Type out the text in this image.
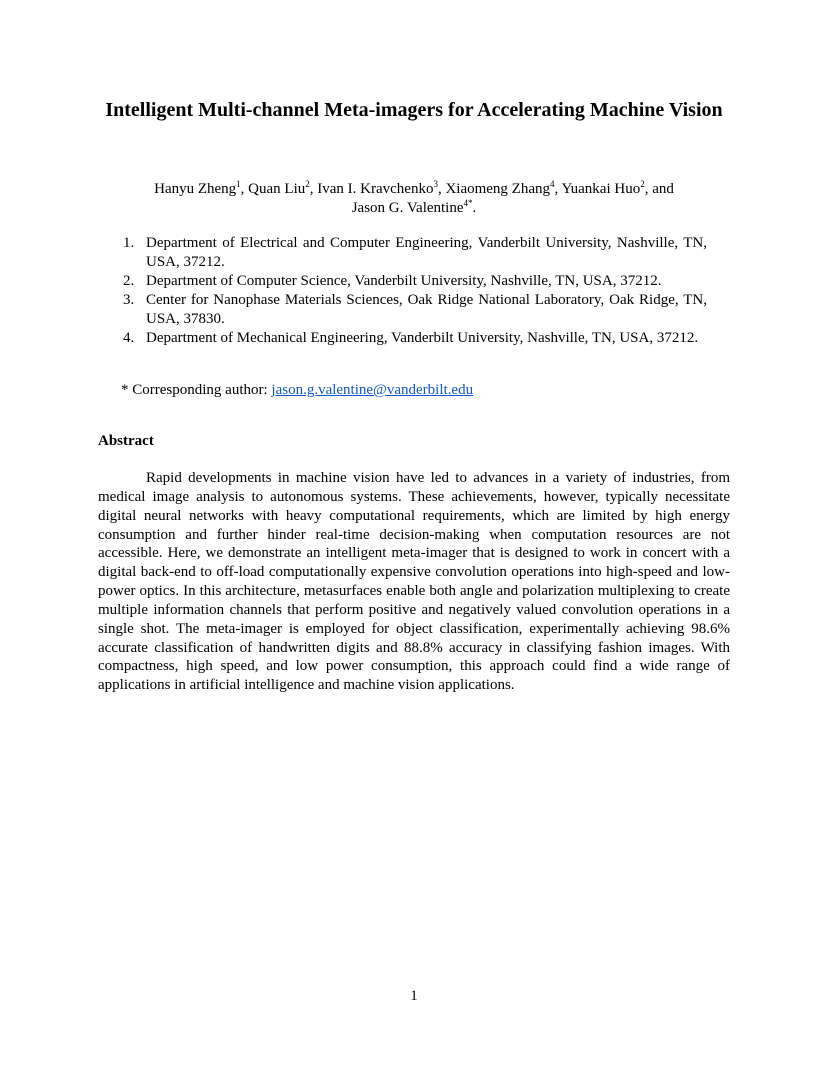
Intelligent Multi-channel Meta-imagers for Accelerating Machine Vision
Hanyu Zheng$^1$, Quan Liu$^2$, Ivan I. Kravchenko$^3$, Xiaomeng Zhang$^4$, Yuankai Huo$^2$, and
Jason G. Valentine$^{4*}$.
1. Department of Electrical and Computer Engineering, Vanderbilt University, Nashville, TN, USA, 37212.
2. Department of Computer Science, Vanderbilt University, Nashville, TN, USA, 37212.
3. Center for Nanophase Materials Sciences, Oak Ridge National Laboratory, Oak Ridge, TN, USA, 37830.
4. Department of Mechanical Engineering, Vanderbilt University, Nashville, TN, USA, 37212.
* Corresponding author: jason.g.valentine@vanderbilt.edu
Abstract

Rapid developments in machine vision have led to advances in a variety of industries, from medical image analysis to autonomous systems. These achievements, however, typically necessitate digital neural networks with heavy computational requirements, which are limited by high energy consumption and further hinder real-time decision-making when computation resources are not accessible. Here, we demonstrate an intelligent meta-imager that is designed to work in concert with a digital back-end to off-load computationally expensive convolution operations into high-speed and low-power optics. In this architecture, metasurfaces enable both angle and polarization multiplexing to create multiple information channels that perform positive and negatively valued convolution operations in a single shot. The meta-imager is employed for object classification, experimentally achieving 98.6% accurate classification of handwritten digits and 88.8% accuracy in classifying fashion images. With compactness, high speed, and low power consumption, this approach could find a wide range of applications in artificial intelligence and machine vision applications.

1
